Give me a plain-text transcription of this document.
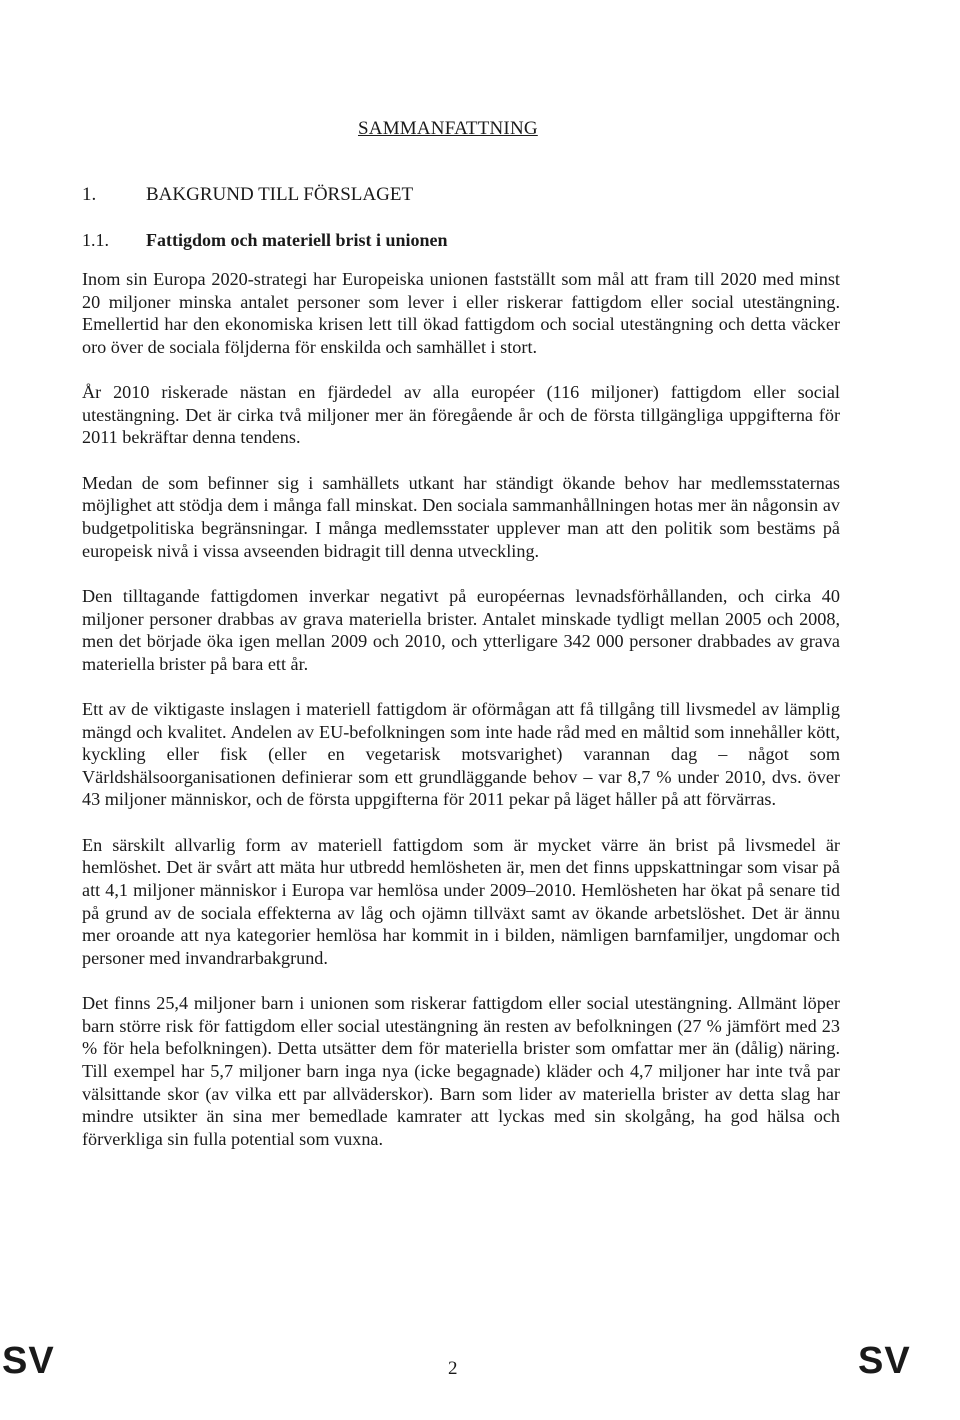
SAMMANFATTNING
1.	BAKGRUND TILL FÖRSLAGET
1.1. Fattigdom och materiell brist i unionen

Inom sin Europa 2020-strategi har Europeiska unionen fastställt som mål att fram till 2020 med minst 20 miljoner minska antalet personer som lever i eller riskerar fattigdom eller social utestängning. Emellertid har den ekonomiska krisen lett till ökad fattigdom och social utestängning och detta väcker oro över de sociala följderna för enskilda och samhället i stort.

År 2010 riskerade nästan en fjärdedel av alla européer (116 miljoner) fattigdom eller social utestängning. Det är cirka två miljoner mer än föregående år och de första tillgängliga uppgifterna för 2011 bekräftar denna tendens.

Medan de som befinner sig i samhällets utkant har ständigt ökande behov har medlemsstaternas möjlighet att stödja dem i många fall minskat. Den sociala sammanhållningen hotas mer än någonsin av budgetpolitiska begränsningar. I många medlemsstater upplever man att den politik som bestäms på europeisk nivå i vissa avseenden bidragit till denna utveckling.

Den tilltagande fattigdomen inverkar negativt på européernas levnadsförhållanden, och cirka 40 miljoner personer drabbas av grava materiella brister. Antalet minskade tydligt mellan 2005 och 2008, men det började öka igen mellan 2009 och 2010, och ytterligare 342 000 personer drabbades av grava materiella brister på bara ett år.

Ett av de viktigaste inslagen i materiell fattigdom är oförmågan att få tillgång till livsmedel av lämplig mängd och kvalitet. Andelen av EU-befolkningen som inte hade råd med en måltid som innehåller kött, kyckling eller fisk (eller en vegetarisk motsvarighet) varannan dag – något som Världshälsoorganisationen definierar som ett grundläggande behov – var 8,7 % under 2010, dvs. över 43 miljoner människor, och de första uppgifterna för 2011 pekar på läget håller på att förvärras.

En särskilt allvarlig form av materiell fattigdom som är mycket värre än brist på livsmedel är hemlöshet. Det är svårt att mäta hur utbredd hemlösheten är, men det finns uppskattningar som visar på att 4,1 miljoner människor i Europa var hemlösa under 2009–2010. Hemlösheten har ökat på senare tid på grund av de sociala effekterna av låg och ojämn tillväxt samt av ökande arbetslöshet. Det är ännu mer oroande att nya kategorier hemlösa har kommit in i bilden, nämligen barnfamiljer, ungdomar och personer med invandrarbakgrund.

Det finns 25,4 miljoner barn i unionen som riskerar fattigdom eller social utestängning. Allmänt löper barn större risk för fattigdom eller social utestängning än resten av befolkningen (27 % jämfört med 23 % för hela befolkningen). Detta utsätter dem för materiella brister som omfattar mer än (dålig) näring. Till exempel har 5,7 miljoner barn inga nya (icke begagnade) kläder och 4,7 miljoner har inte två par välsittande skor (av vilka ett par allväderskor). Barn som lider av materiella brister av detta slag har mindre utsikter än sina mer bemedlade kamrater att lyckas med sin skolgång, ha god hälsa och förverkliga sin fulla potential som vuxna.

SV	2	SV
